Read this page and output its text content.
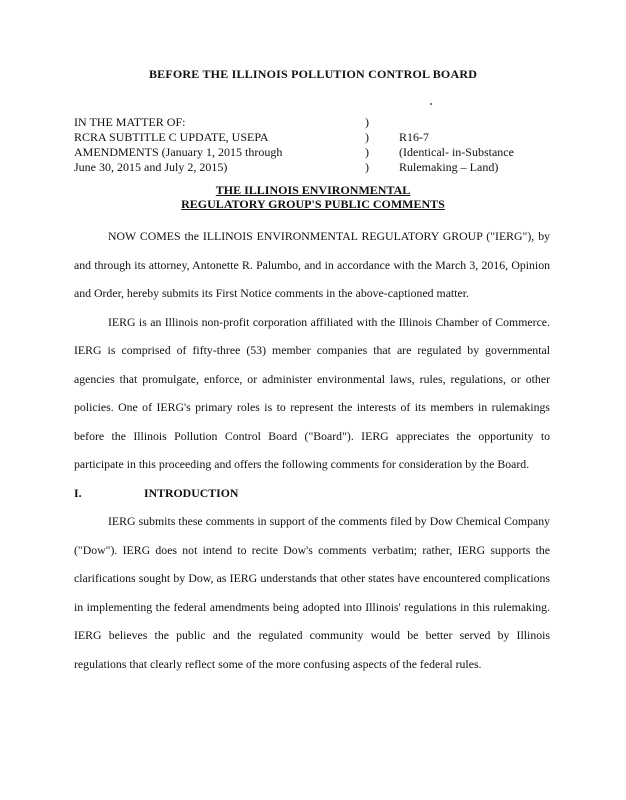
BEFORE THE ILLINOIS POLLUTION CONTROL BOARD
IN THE MATTER OF:
RCRA SUBTITLE C UPDATE, USEPA
AMENDMENTS (January 1, 2015 through
June 30, 2015 and July 2, 2015)
)
)
)
)
R16-7
(Identical- in-Substance
Rulemaking – Land)
THE ILLINOIS ENVIRONMENTAL
REGULATORY GROUP'S PUBLIC COMMENTS

NOW COMES the ILLINOIS ENVIRONMENTAL REGULATORY GROUP ("IERG"), by and through its attorney, Antonette R. Palumbo, and in accordance with the March 3, 2016, Opinion and Order, hereby submits its First Notice comments in the above-captioned matter.

IERG is an Illinois non-profit corporation affiliated with the Illinois Chamber of Commerce. IERG is comprised of fifty-three (53) member companies that are regulated by governmental agencies that promulgate, enforce, or administer environmental laws, rules, regulations, or other policies. One of IERG's primary roles is to represent the interests of its members in rulemakings before the Illinois Pollution Control Board ("Board"). IERG appreciates the opportunity to participate in this proceeding and offers the following comments for consideration by the Board.

I.	INTRODUCTION

IERG submits these comments in support of the comments filed by Dow Chemical Company ("Dow"). IERG does not intend to recite Dow's comments verbatim; rather, IERG supports the clarifications sought by Dow, as IERG understands that other states have encountered complications in implementing the federal amendments being adopted into Illinois' regulations in this rulemaking. IERG believes the public and the regulated community would be better served by Illinois regulations that clearly reflect some of the more confusing aspects of the federal rules.
